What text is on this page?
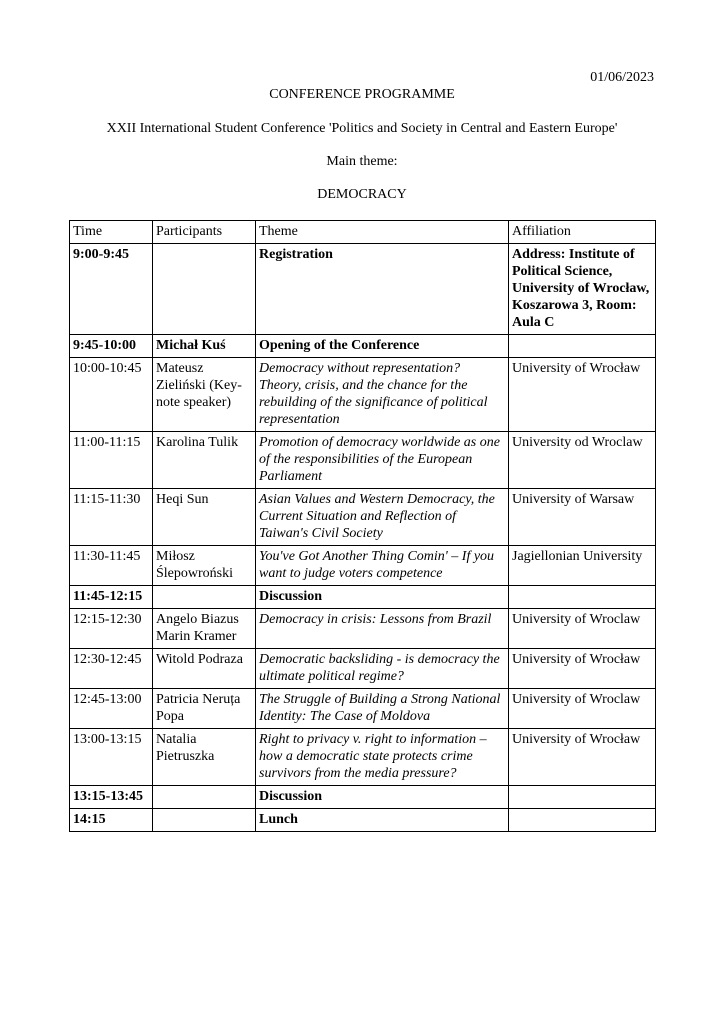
01/06/2023
CONFERENCE PROGRAMME
XXII International Student Conference 'Politics and Society in Central and Eastern Europe'
Main theme:
DEMOCRACY
Time	Participants	Theme	Affiliation
9:00-9:45		Registration	Address: Institute of Political Science, University of Wrocław, Koszarowa 3, Room: Aula C
9:45-10:00	Michał Kuś	Opening of the Conference	
10:00-10:45	Mateusz Zieliński (Key-note speaker)	Democracy without representation? Theory, crisis, and the chance for the rebuilding of the significance of political representation	University of Wrocław
11:00-11:15	Karolina Tulik	Promotion of democracy worldwide as one of the responsibilities of the European Parliament	University od Wroclaw
11:15-11:30	Heqi Sun	Asian Values and Western Democracy, the Current Situation and Reflection of Taiwan's Civil Society	University of Warsaw
11:30-11:45	Miłosz Ślepowroński	You've Got Another Thing Comin' – If you want to judge voters competence	Jagiellonian University
11:45-12:15		Discussion	
12:15-12:30	Angelo Biazus Marin Kramer	Democracy in crisis: Lessons from Brazil	University of Wroclaw
12:30-12:45	Witold Podraza	Democratic backsliding - is democracy the ultimate political regime?	University of Wrocław
12:45-13:00	Patricia Neruța Popa	The Struggle of Building a Strong National Identity: The Case of Moldova	University of Wroclaw
13:00-13:15	Natalia Pietruszka	Right to privacy v. right to information – how a democratic state protects crime survivors from the media pressure?	University of Wrocław
13:15-13:45		Discussion	
14:15		Lunch	
